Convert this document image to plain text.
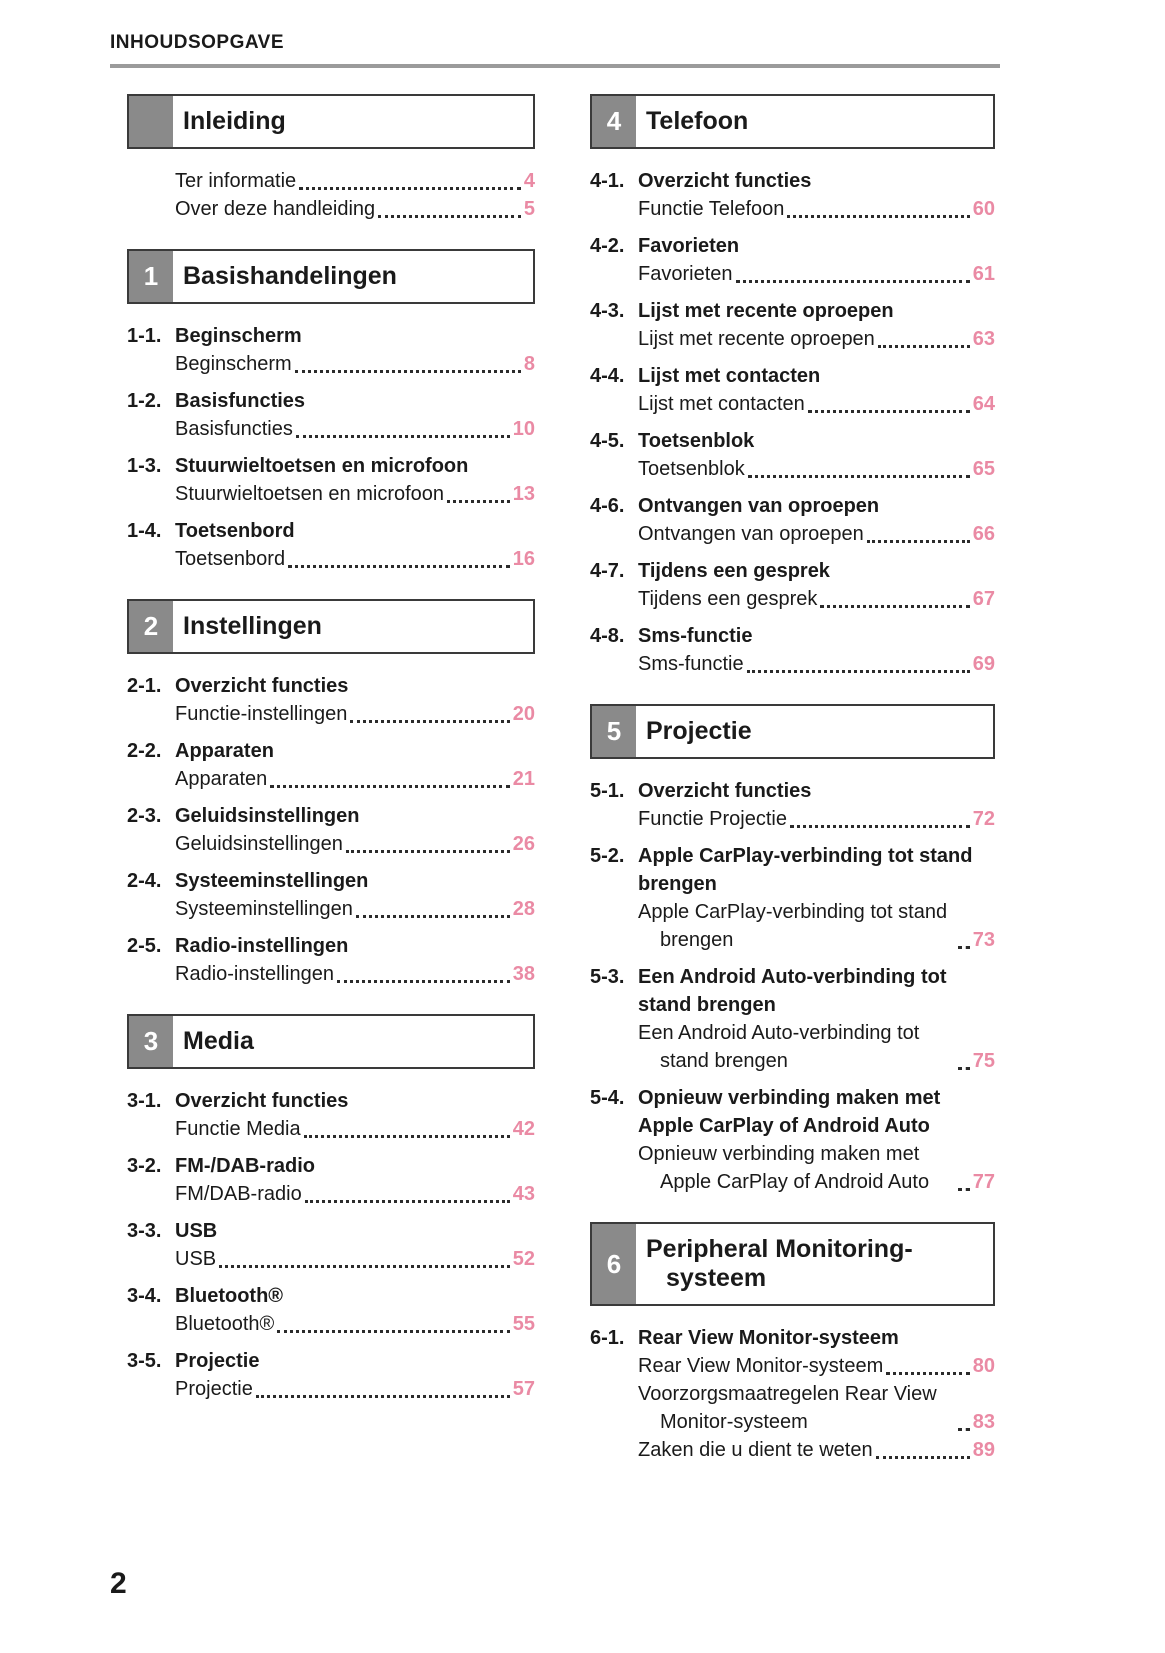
INHOUDSOPGAVE
Inleiding
Ter informatie	4
Over deze handleiding	5
1 Basishandelingen
1-1. Beginscherm
Beginscherm	8
1-2. Basisfuncties
Basisfuncties	10
1-3. Stuurwieltoetsen en microfoon
Stuurwieltoetsen en microfoon	13
1-4. Toetsenbord
Toetsenbord	16
2 Instellingen
2-1. Overzicht functies
Functie-instellingen	20
2-2. Apparaten
Apparaten	21
2-3. Geluidsinstellingen
Geluidsinstellingen	26
2-4. Systeeminstellingen
Systeeminstellingen	28
2-5. Radio-instellingen
Radio-instellingen	38
3 Media
3-1. Overzicht functies
Functie Media	42
3-2. FM-/DAB-radio
FM/DAB-radio	43
3-3. USB
USB	52
3-4. Bluetooth®
Bluetooth®	55
3-5. Projectie
Projectie	57
4 Telefoon
4-1. Overzicht functies
Functie Telefoon	60
4-2. Favorieten
Favorieten	61
4-3. Lijst met recente oproepen
Lijst met recente oproepen	63
4-4. Lijst met contacten
Lijst met contacten	64
4-5. Toetsenblok
Toetsenblok	65
4-6. Ontvangen van oproepen
Ontvangen van oproepen	66
4-7. Tijdens een gesprek
Tijdens een gesprek	67
4-8. Sms-functie
Sms-functie	69
5 Projectie
5-1. Overzicht functies
Functie Projectie	72
5-2. Apple CarPlay-verbinding tot stand brengen
Apple CarPlay-verbinding tot stand brengen	73
5-3. Een Android Auto-verbinding tot stand brengen
Een Android Auto-verbinding tot stand brengen	75
5-4. Opnieuw verbinding maken met Apple CarPlay of Android Auto
Opnieuw verbinding maken met Apple CarPlay of Android Auto	77
6 Peripheral Monitoring-systeem
6-1. Rear View Monitor-systeem
Rear View Monitor-systeem	80
Voorzorgsmaatregelen Rear View Monitor-systeem	83
Zaken die u dient te weten	89
2
